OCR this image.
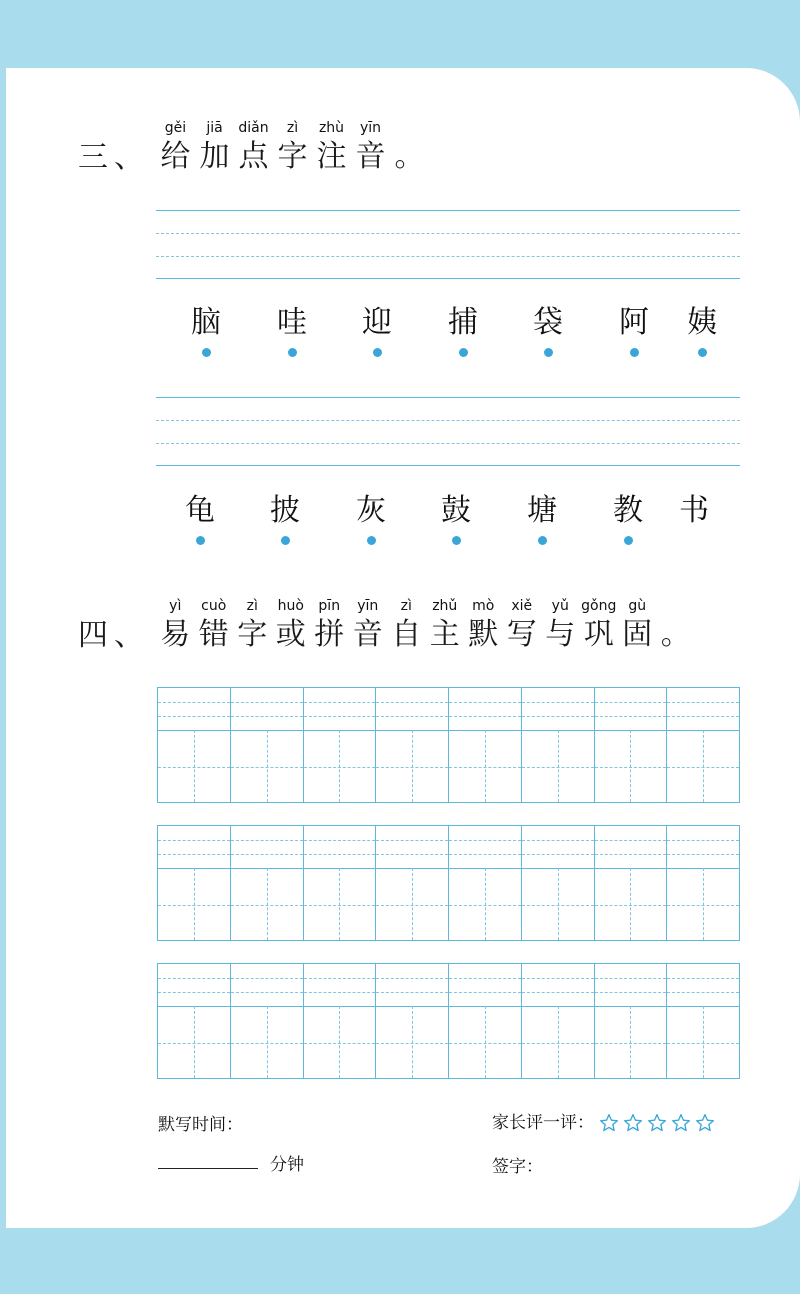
三、
gěi
给
jiā
加
diǎn
点
zì
字
zhù
注
yīn
音 。
脑	哇	迎	捕	袋	阿	姨
龟	披	灰	鼓	塘	教	书
四、
yì
易
cuò
错
zì
字
huò
或
pīn
拼
yīn
音
zì
自
zhǔ
主
mò
默
xiě
写
yǔ
与
gǒng
巩
gù
固 。
默写时间：
分钟
家长评一评：
签字：
